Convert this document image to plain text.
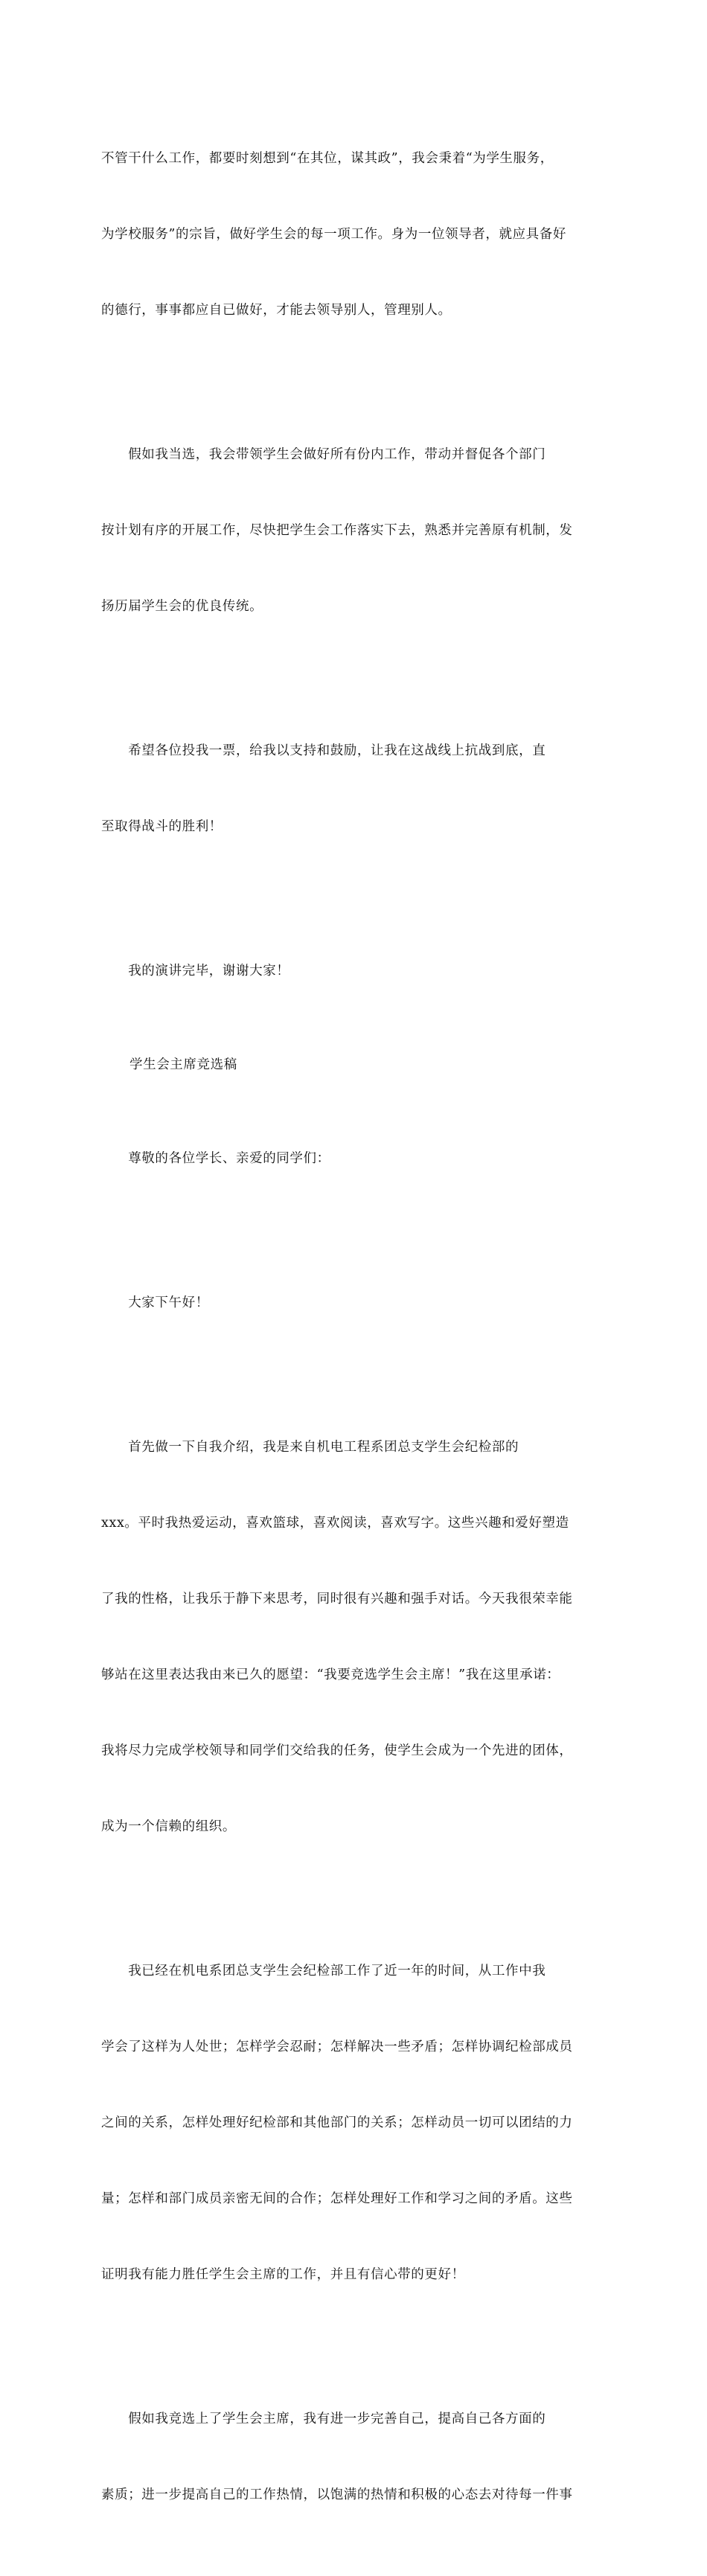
不管干什么工作，都要时刻想到“在其位，谋其政”，我会秉着“为学生服务，

为学校服务”的宗旨，做好学生会的每一项工作。身为一位领导者，就应具备好

的德行，事事都应自已做好，才能去领导别人，管理别人。

　　假如我当选，我会带领学生会做好所有份内工作，带动并督促各个部门

按计划有序的开展工作，尽快把学生会工作落实下去，熟悉并完善原有机制，发

扬历届学生会的优良传统。

　　希望各位投我一票，给我以支持和鼓励，让我在这战线上抗战到底，直

至取得战斗的胜利！

　　我的演讲完毕，谢谢大家！

学生会主席竞选稿

　　尊敬的各位学长、亲爱的同学们：

　　大家下午好！

　　首先做一下自我介绍，我是来自机电工程系团总支学生会纪检部的

xxx。平时我热爱运动，喜欢篮球，喜欢阅读，喜欢写字。这些兴趣和爱好塑造

了我的性格，让我乐于静下来思考，同时很有兴趣和强手对话。今天我很荣幸能

够站在这里表达我由来已久的愿望：“我要竞选学生会主席！”我在这里承诺：

我将尽力完成学校领导和同学们交给我的任务，使学生会成为一个先进的团体，

成为一个信赖的组织。

　　我已经在机电系团总支学生会纪检部工作了近一年的时间，从工作中我

学会了这样为人处世；怎样学会忍耐；怎样解决一些矛盾；怎样协调纪检部成员

之间的关系，怎样处理好纪检部和其他部门的关系；怎样动员一切可以团结的力

量；怎样和部门成员亲密无间的合作；怎样处理好工作和学习之间的矛盾。这些

证明我有能力胜任学生会主席的工作，并且有信心带的更好！

　　假如我竞选上了学生会主席，我有进一步完善自己，提高自己各方面的

素质；进一步提高自己的工作热情，以饱满的热情和积极的心态去对待每一件事
